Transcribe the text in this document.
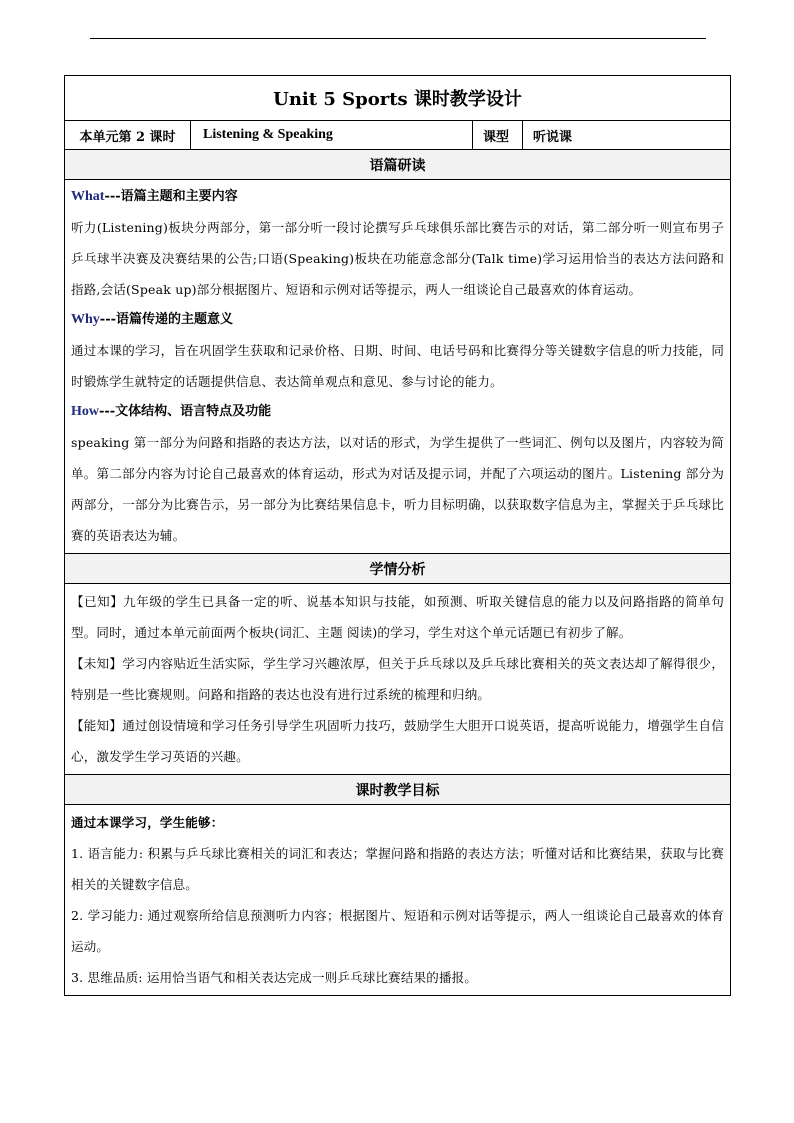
Unit 5 Sports 课时教学设计
本单元第 2 课时	Listening & Speaking	课型	听说课
语篇研读

What---语篇主题和主要内容

听力(Listening)板块分两部分，第一部分听一段讨论撰写乒乓球俱乐部比赛告示的对话，第二部分听一则宣布男子乒乓球半决赛及决赛结果的公告;口语(Speaking)板块在功能意念部分(Talk time)学习运用恰当的表达方法问路和指路,会话(Speak up)部分根据图片、短语和示例对话等提示，两人一组谈论自己最喜欢的体育运动。

Why---语篇传递的主题意义

通过本课的学习，旨在巩固学生获取和记录价格、日期、时间、电话号码和比赛得分等关键数字信息的听力技能，同时锻炼学生就特定的话题提供信息、表达简单观点和意见、参与讨论的能力。

How---文体结构、语言特点及功能

speaking 第一部分为问路和指路的表达方法，以对话的形式，为学生提供了一些词汇、例句以及图片，内容较为简单。第二部分内容为讨论自己最喜欢的体育运动，形式为对话及提示词，并配了六项运动的图片。Listening 部分为两部分，一部分为比赛告示，另一部分为比赛结果信息卡，听力目标明确，以获取数字信息为主，掌握关于乒乓球比赛的英语表达为辅。

学情分析

【已知】九年级的学生已具备一定的听、说基本知识与技能，如预测、听取关键信息的能力以及问路指路的简单句型。同时，通过本单元前面两个板块(词汇、主题 阅读)的学习，学生对这个单元话题已有初步了解。

【未知】学习内容贴近生活实际，学生学习兴趣浓厚，但关于乒乓球以及乒乓球比赛相关的英文表达却了解得很少，特别是一些比赛规则。问路和指路的表达也没有进行过系统的梳理和归纳。

【能知】通过创设情境和学习任务引导学生巩固听力技巧，鼓励学生大胆开口说英语，提高听说能力，增强学生自信心，激发学生学习英语的兴趣。

课时教学目标

通过本课学习，学生能够：

1. 语言能力: 积累与乒乓球比赛相关的词汇和表达；掌握问路和指路的表达方法；听懂对话和比赛结果，获取与比赛相关的关键数字信息。

2. 学习能力: 通过观察所给信息预测听力内容；根据图片、短语和示例对话等提示，两人一组谈论自己最喜欢的体育运动。

3. 思维品质: 运用恰当语气和相关表达完成一则乒乓球比赛结果的播报。
